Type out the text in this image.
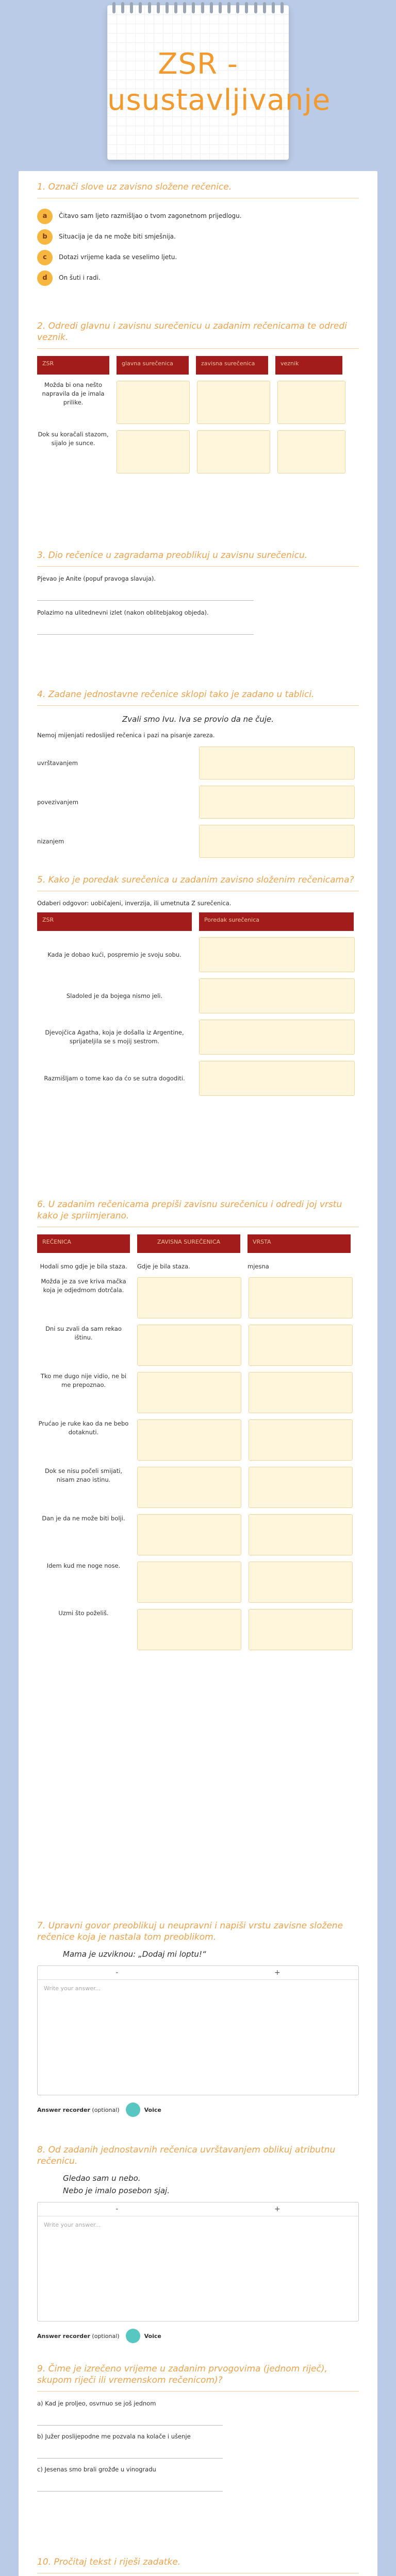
ZSR - usustavljivanje
1. Označi slove uz zavisno složene rečenice.
a Čitavo sam ljeto razmišljao o tvom zagonetnom prijedlogu.
b Situacija je da ne može biti smješnija.
c Dotazi vrijeme kada se veselimo ljetu.
d On šuti i radi.
2. Odredi glavnu i zavisnu surečenicu u zadanim rečenicama te odredi veznik.
ZSR	glavna surečenica	zavisna surečenica	veznik
Možda bi ona nešto napravila da je imala prilike.
Dok su koračali stazom, sijalo je sunce.
3. Dio rečenice u zagradama preoblikuj u zavisnu surečenicu.
Pjevao je Anite (popuf pravoga slavuja).
Polazimo na ulitednevni izlet (nakon oblitebjakog objeda).
4. Zadane jednostavne rečenice sklopi tako je zadano u tablici.
Zvali smo Ivu. Iva se provio da ne čuje.
Nemoj mijenjati redoslijed rečenica i pazi na pisanje zareza.
uvrštavanjem
povezivanjem
nizanjem
5. Kako je poredak surečenica u zadanim zavisno složenim rečenicama?
Odaberi odgovor: uobičajeni, inverzija, ili umetnuta Z surečenica.
ZSR	Poredak surečenica
Kada je dobao kući, pospremio je svoju sobu.
Sladoled je da bojega nismo jeli.
Djevojčica Agatha, koja je došalla iz Argentine, sprijateljila se s mojij sestrom.
Razmišljam o tome kao da ćo se sutra dogoditi.
6. U zadanim rečenicama prepiši zavisnu surečenicu i odredi joj vrstu kako je spriimjerano.
REČENICA	ZAVISNA SUREČENICA	VRSTA
Hodali smo gdje je bila staza.	Gdje je bila staza.	mjesna
Možda je za sve kriva mačka koja je odjedmom dotrčala.
Dni su zvali da sam rekao ištinu.
Tko me dugo nije vidio, ne bi me prepoznao.
Prućao je ruke kao da ne bebo dotaknuti.
Dok se nisu počeli smijati, nisam znao istinu.
Dan je da ne može biti bolji.
Idem kud me noge nose.
Uzmi što poželiš.
7. Upravni govor preoblikuj u neupravni i napiši vrstu zavisne složene rečenice koja je nastala tom preoblikom.
Mama je uzviknou: „Dodaj mi loptu!“
-	+
Write your answer...
Answer recorder
(optional)	Voice
8. Od zadanih jednostavnih rečenica uvrštavanjem oblikuj atributnu rečenicu.
Gledao sam u nebo.
Nebo je imalo posebon sjaj.
-	+
Write your answer...
Answer recorder
(optional)	Voice
9. Čime je izrečeno vrijeme u zadanim prvogovima (jednom riječ), skupom riječi ili vremenskom rečenicom)?
a) Kad je proljeo, osvrnuo se još jednom
b) Južer poslijepodne me pozvala na kolače i ušenje
c) Jesenas smo brali grožđe u vinogradu
10. Pročitaj tekst i riješi zadatke.
